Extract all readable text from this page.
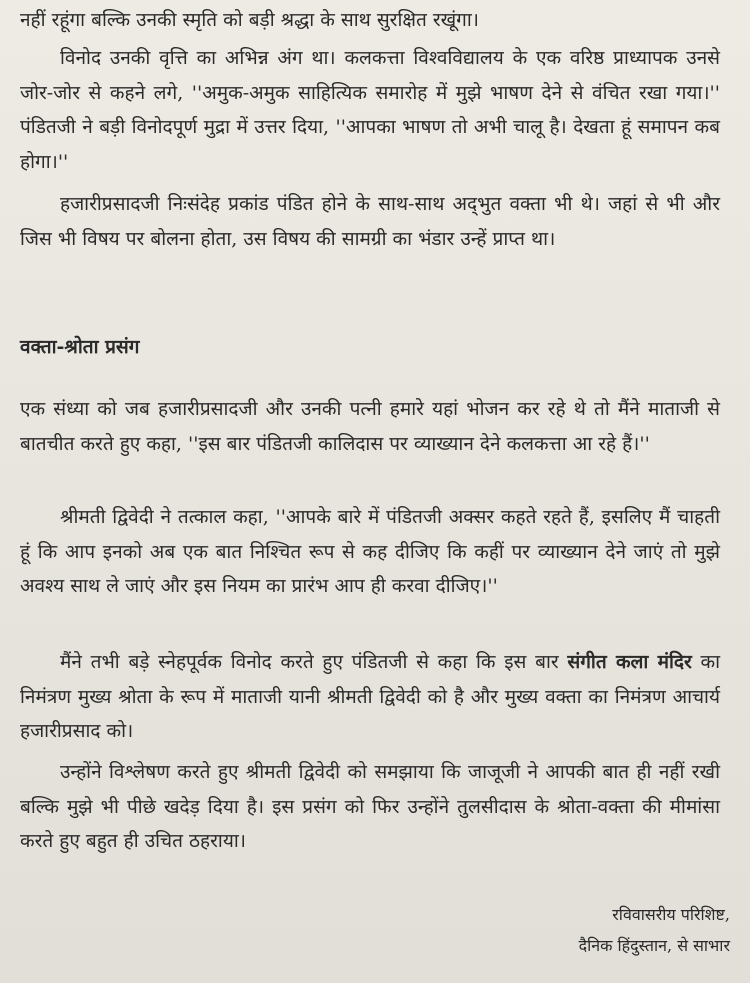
नहीं रहूंगा बल्कि उनकी स्मृति को बड़ी श्रद्धा के साथ सुरक्षित रखूंगा।

विनोद उनकी वृत्ति का अभिन्न अंग था। कलकत्ता विश्वविद्यालय के एक वरिष्ठ प्राध्यापक उनसे जोर-जोर से कहने लगे, ''अमुक-अमुक साहित्यिक समारोह में मुझे भाषण देने से वंचित रखा गया।'' पंडितजी ने बड़ी विनोदपूर्ण मुद्रा में उत्तर दिया, ''आपका भाषण तो अभी चालू है। देखता हूं समापन कब होगा।''

हजारीप्रसादजी निःसंदेह प्रकांड पंडित होने के साथ-साथ अद्‌भुत वक्ता भी थे। जहां से भी और जिस भी विषय पर बोलना होता, उस विषय की सामग्री का भंडार उन्हें प्राप्त था।

वक्ता-श्रोता प्रसंग

एक संध्या को जब हजारीप्रसादजी और उनकी पत्नी हमारे यहां भोजन कर रहे थे तो मैंने माताजी से बातचीत करते हुए कहा, ''इस बार पंडितजी कालिदास पर व्याख्यान देने कलकत्ता आ रहे हैं।''

श्रीमती द्विवेदी ने तत्काल कहा, ''आपके बारे में पंडितजी अक्सर कहते रहते हैं, इसलिए मैं चाहती हूं कि आप इनको अब एक बात निश्चित रूप से कह दीजिए कि कहीं पर व्याख्यान देने जाएं तो मुझे अवश्य साथ ले जाएं और इस नियम का प्रारंभ आप ही करवा दीजिए।''

मैंने तभी बड़े स्नेहपूर्वक विनोद करते हुए पंडितजी से कहा कि इस बार संगीत कला मंदिर का निमंत्रण मुख्य श्रोता के रूप में माताजी यानी श्रीमती द्विवेदी को है और मुख्य वक्ता का निमंत्रण आचार्य हजारीप्रसाद को।

उन्होंने विश्लेषण करते हुए श्रीमती द्विवेदी को समझाया कि जाजूजी ने आपकी बात ही नहीं रखी बल्कि मुझे भी पीछे खदेड़ दिया है। इस प्रसंग को फिर उन्होंने तुलसीदास के श्रोता-वक्ता की मीमांसा करते हुए बहुत ही उचित ठहराया।

रविवासरीय परिशिष्ट,
दैनिक हिंदुस्तान, से साभार
